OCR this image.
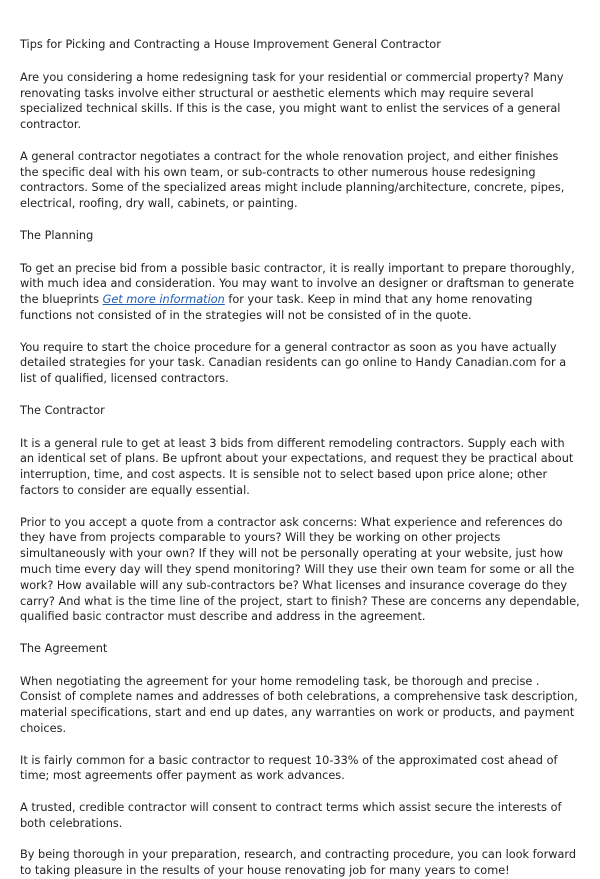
Tips for Picking and Contracting a House Improvement General Contractor

Are you considering a home redesigning task for your residential or commercial property? Many renovating tasks involve either structural or aesthetic elements which may require several specialized technical skills. If this is the case, you might want to enlist the services of a general contractor.

A general contractor negotiates a contract for the whole renovation project, and either finishes the specific deal with his own team, or sub-contracts to other numerous house redesigning contractors. Some of the specialized areas might include planning/architecture, concrete, pipes, electrical, roofing, dry wall, cabinets, or painting.

The Planning

To get an precise bid from a possible basic contractor, it is really important to prepare thoroughly, with much idea and consideration. You may want to involve an designer or draftsman to generate the blueprints Get more information for your task. Keep in mind that any home renovating functions not consisted of in the strategies will not be consisted of in the quote.

You require to start the choice procedure for a general contractor as soon as you have actually detailed strategies for your task. Canadian residents can go online to Handy Canadian.com for a list of qualified, licensed contractors.

The Contractor

It is a general rule to get at least 3 bids from different remodeling contractors. Supply each with an identical set of plans. Be upfront about your expectations, and request they be practical about interruption, time, and cost aspects. It is sensible not to select based upon price alone; other factors to consider are equally essential.

Prior to you accept a quote from a contractor ask concerns: What experience and references do they have from projects comparable to yours? Will they be working on other projects simultaneously with your own? If they will not be personally operating at your website, just how much time every day will they spend monitoring? Will they use their own team for some or all the work? How available will any sub-contractors be? What licenses and insurance coverage do they carry? And what is the time line of the project, start to finish? These are concerns any dependable, qualified basic contractor must describe and address in the agreement.

The Agreement

When negotiating the agreement for your home remodeling task, be thorough and precise . Consist of complete names and addresses of both celebrations, a comprehensive task description, material specifications, start and end up dates, any warranties on work or products, and payment choices.

It is fairly common for a basic contractor to request 10-33% of the approximated cost ahead of time; most agreements offer payment as work advances.

A trusted, credible contractor will consent to contract terms which assist secure the interests of both celebrations.

By being thorough in your preparation, research, and contracting procedure, you can look forward to taking pleasure in the results of your house renovating job for many years to come!
